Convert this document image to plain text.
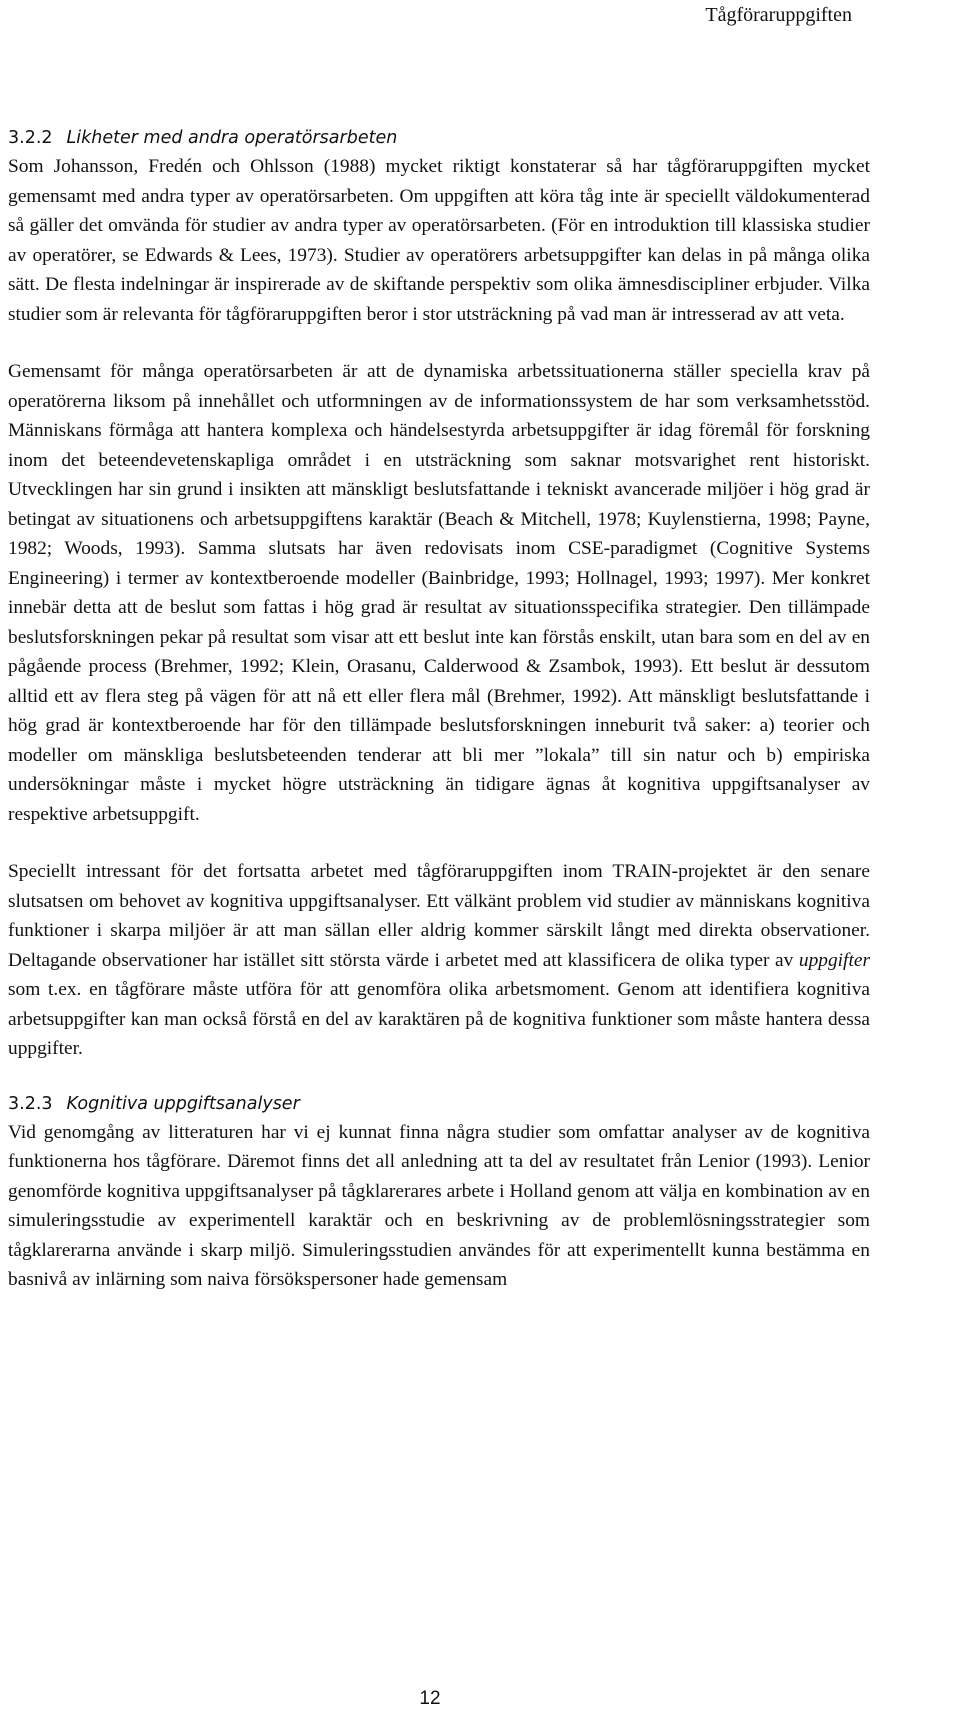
Tågföraruppgiften
3.2.2 Likheter med andra operatörsarbeten

Som Johansson, Fredén och Ohlsson (1988) mycket riktigt konstaterar så har tågföraruppgiften mycket gemensamt med andra typer av operatörsarbeten. Om uppgiften att köra tåg inte är speciellt väldokumenterad så gäller det omvända för studier av andra typer av operatörsarbeten. (För en introduktion till klassiska studier av operatörer, se Edwards & Lees, 1973). Studier av operatörers arbetsuppgifter kan delas in på många olika sätt. De flesta indelningar är inspirerade av de skiftande perspektiv som olika ämnesdiscipliner erbjuder. Vilka studier som är relevanta för tågföraruppgiften beror i stor utsträckning på vad man är intresserad av att veta.

Gemensamt för många operatörsarbeten är att de dynamiska arbetssituationerna ställer speciella krav på operatörerna liksom på innehållet och utformningen av de informationssystem de har som verksamhetsstöd. Människans förmåga att hantera komplexa och händelsestyrda arbetsuppgifter är idag föremål för forskning inom det beteendevetenskapliga området i en utsträckning som saknar motsvarighet rent historiskt. Utvecklingen har sin grund i insikten att mänskligt beslutsfattande i tekniskt avancerade miljöer i hög grad är betingat av situationens och arbetsuppgiftens karaktär (Beach & Mitchell, 1978; Kuylenstierna, 1998; Payne, 1982; Woods, 1993). Samma slutsats har även redovisats inom CSE-paradigmet (Cognitive Systems Engineering) i termer av kontextberoende modeller (Bainbridge, 1993; Hollnagel, 1993; 1997). Mer konkret innebär detta att de beslut som fattas i hög grad är resultat av situationsspecifika strategier. Den tillämpade beslutsforskningen pekar på resultat som visar att ett beslut inte kan förstås enskilt, utan bara som en del av en pågående process (Brehmer, 1992; Klein, Orasanu, Calderwood & Zsambok, 1993). Ett beslut är dessutom alltid ett av flera steg på vägen för att nå ett eller flera mål (Brehmer, 1992). Att mänskligt beslutsfattande i hög grad är kontextberoende har för den tillämpade beslutsforskningen inneburit två saker: a) teorier och modeller om mänskliga beslutsbeteenden tenderar att bli mer ”lokala” till sin natur och b) empiriska undersökningar måste i mycket högre utsträckning än tidigare ägnas åt kognitiva uppgiftsanalyser av respektive arbetsuppgift.

Speciellt intressant för det fortsatta arbetet med tågföraruppgiften inom TRAIN-projektet är den senare slutsatsen om behovet av kognitiva uppgiftsanalyser. Ett välkänt problem vid studier av människans kognitiva funktioner i skarpa miljöer är att man sällan eller aldrig kommer särskilt långt med direkta observationer. Deltagande observationer har istället sitt största värde i arbetet med att klassificera de olika typer av uppgifter som t.ex. en tågförare måste utföra för att genomföra olika arbetsmoment. Genom att identifiera kognitiva arbetsuppgifter kan man också förstå en del av karaktären på de kognitiva funktioner som måste hantera dessa uppgifter.

3.2.3 Kognitiva uppgiftsanalyser

Vid genomgång av litteraturen har vi ej kunnat finna några studier som omfattar analyser av de kognitiva funktionerna hos tågförare. Däremot finns det all anledning att ta del av resultatet från Lenior (1993). Lenior genomförde kognitiva uppgiftsanalyser på tågklarerares arbete i Holland genom att välja en kombination av en simuleringsstudie av experimentell karaktär och en beskrivning av de problemlösningsstrategier som tågklarerarna använde i skarp miljö. Simuleringsstudien användes för att experimentellt kunna bestämma en basnivå av inlärning som naiva försökspersoner hade gemensam

12
